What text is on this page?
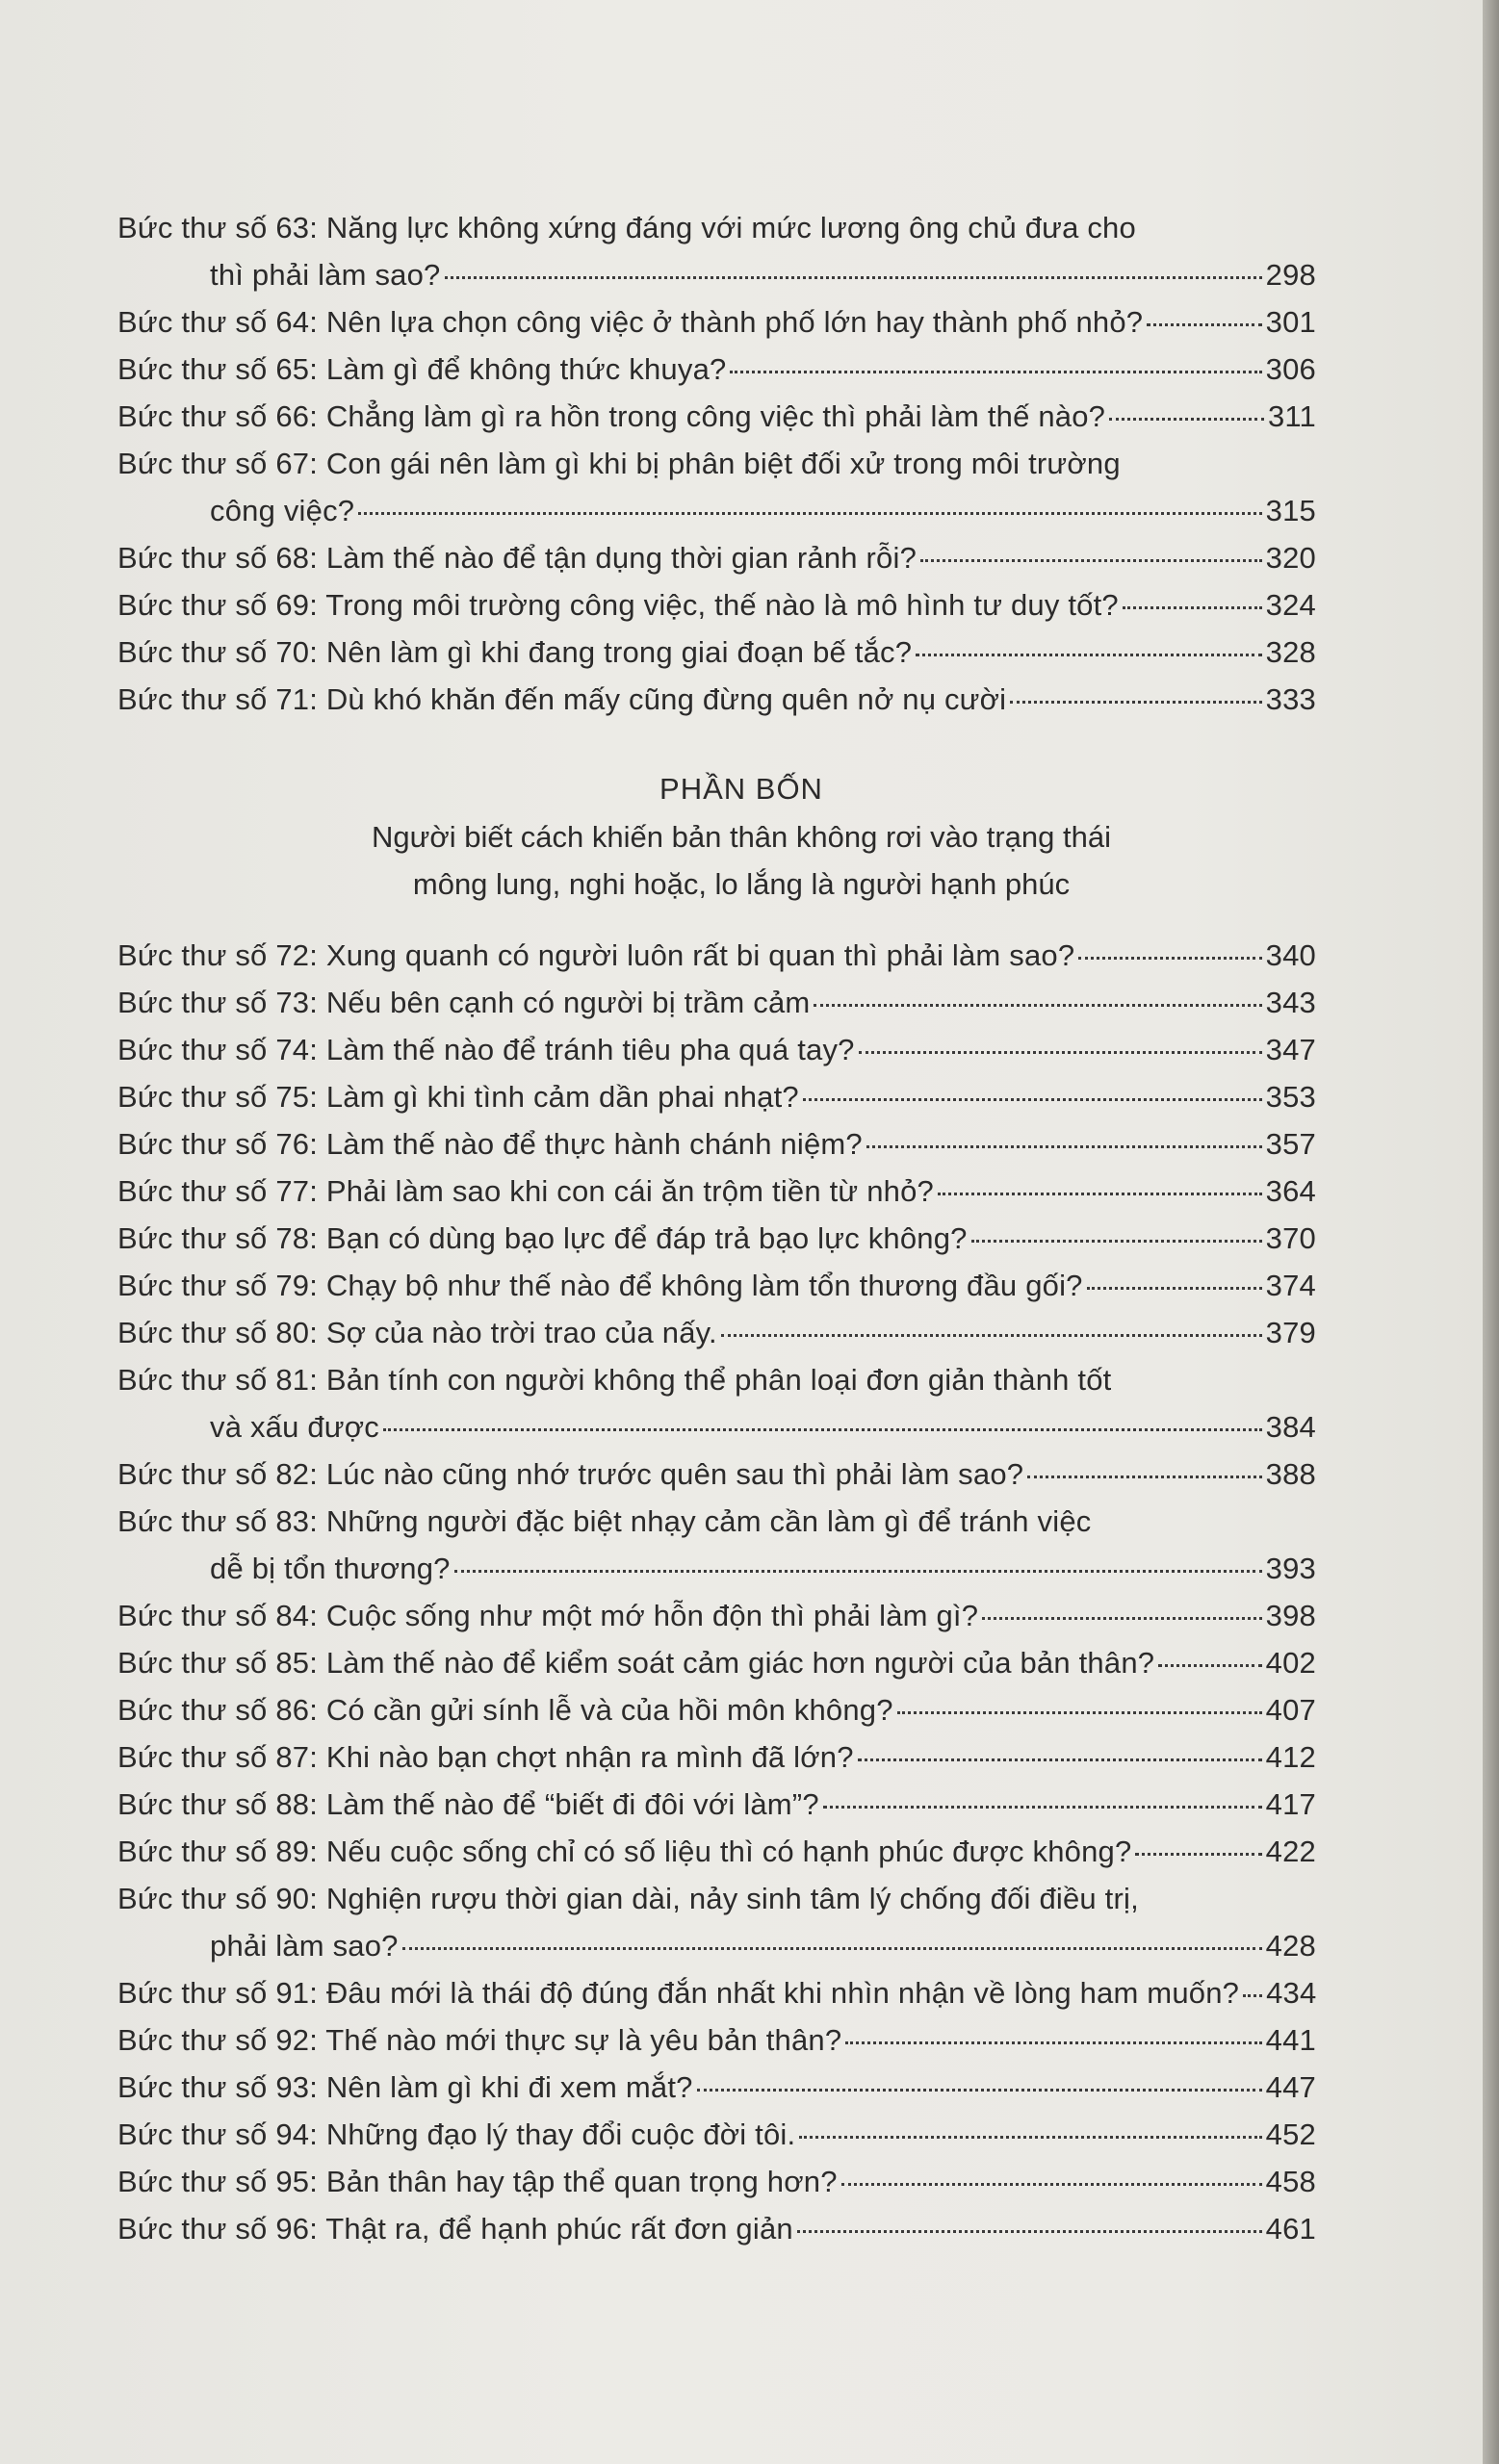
Bức thư số 63: Năng lực không xứng đáng với mức lương ông chủ đưa cho
thì phải làm sao?	298
Bức thư số 64: Nên lựa chọn công việc ở thành phố lớn hay thành phố nhỏ?	301
Bức thư số 65: Làm gì để không thức khuya?	306
Bức thư số 66: Chẳng làm gì ra hồn trong công việc thì phải làm thế nào?	311
Bức thư số 67: Con gái nên làm gì khi bị phân biệt đối xử trong môi trường
công việc?	315
Bức thư số 68: Làm thế nào để tận dụng thời gian rảnh rỗi?	320
Bức thư số 69: Trong môi trường công việc, thế nào là mô hình tư duy tốt?	324
Bức thư số 70: Nên làm gì khi đang trong giai đoạn bế tắc?	328
Bức thư số 71: Dù khó khăn đến mấy cũng đừng quên nở nụ cười	333
PHẦN BỐN
Người biết cách khiến bản thân không rơi vào trạng thái
mông lung, nghi hoặc, lo lắng là người hạnh phúc
Bức thư số 72: Xung quanh có người luôn rất bi quan thì phải làm sao?	340
Bức thư số 73: Nếu bên cạnh có người bị trầm cảm	343
Bức thư số 74: Làm thế nào để tránh tiêu pha quá tay?	347
Bức thư số 75: Làm gì khi tình cảm dần phai nhạt?	353
Bức thư số 76: Làm thế nào để thực hành chánh niệm?	357
Bức thư số 77: Phải làm sao khi con cái ăn trộm tiền từ nhỏ?	364
Bức thư số 78: Bạn có dùng bạo lực để đáp trả bạo lực không?	370
Bức thư số 79: Chạy bộ như thế nào để không làm tổn thương đầu gối?	374
Bức thư số 80: Sợ của nào trời trao của nấy.	379
Bức thư số 81: Bản tính con người không thể phân loại đơn giản thành tốt
và xấu được	384
Bức thư số 82: Lúc nào cũng nhớ trước quên sau thì phải làm sao?	388
Bức thư số 83: Những người đặc biệt nhạy cảm cần làm gì để tránh việc
dễ bị tổn thương?	393
Bức thư số 84: Cuộc sống như một mớ hỗn độn thì phải làm gì?	398
Bức thư số 85: Làm thế nào để kiểm soát cảm giác hơn người của bản thân?	402
Bức thư số 86: Có cần gửi sính lễ và của hồi môn không?	407
Bức thư số 87: Khi nào bạn chợt nhận ra mình đã lớn?	412
Bức thư số 88: Làm thế nào để “biết đi đôi với làm”?	417
Bức thư số 89: Nếu cuộc sống chỉ có số liệu thì có hạnh phúc được không?	422
Bức thư số 90: Nghiện rượu thời gian dài, nảy sinh tâm lý chống đối điều trị,
phải làm sao?	428
Bức thư số 91: Đâu mới là thái độ đúng đắn nhất khi nhìn nhận về lòng ham muốn? 434
Bức thư số 92: Thế nào mới thực sự là yêu bản thân?	441
Bức thư số 93: Nên làm gì khi đi xem mắt?	447
Bức thư số 94: Những đạo lý thay đổi cuộc đời tôi.	452
Bức thư số 95: Bản thân hay tập thể quan trọng hơn?	458
Bức thư số 96: Thật ra, để hạnh phúc rất đơn giản	461
